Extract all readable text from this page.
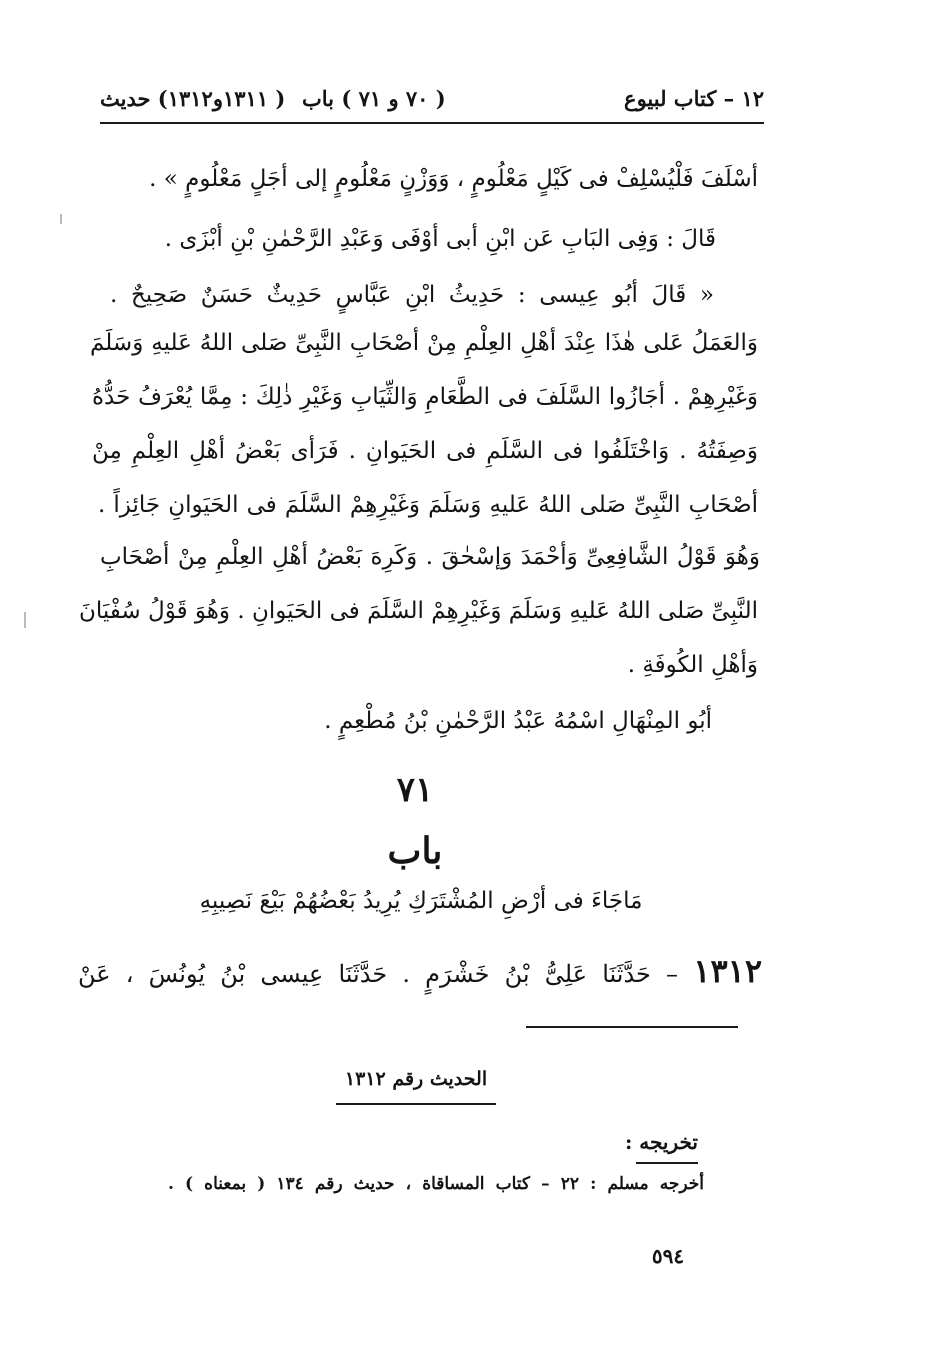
١٢ – كتاب لبيوع
( ٧٠ و ٧١ ) باب
( ١٣١١و١٣١٢) حديث
أسْلَفَ فَلْيُسْلِفْ فى كَيْلٍ مَعْلُومٍ ، وَوَزْنٍ مَعْلُومٍ إلى أجَلٍ مَعْلُومٍ » .
قَالَ : وَفِى البَابِ عَن ابْنِ أبى أوْفَى وَعَبْدِ الرَّحْمٰنِ بْنِ أبْزَى .
« قَالَ أبُو عِيسى : حَدِيثُ ابْنِ عَبَّاسٍ حَدِيثٌ حَسَنٌ صَحِيحٌ .
وَالعَمَلُ عَلى هٰذَا عِنْدَ أهْلِ العِلْمِ مِنْ أصْحَابِ النَّبِىِّ صَلى اللهُ عَليهِ وَسَلَمَ
وَغَيْرِهِمْ . أجَازُوا السَّلَفَ فى الطَّعَامِ وَالثِّيَابِ وَغَيْرِ ذٰلِكَ : مِمَّا يُعْرَفُ حَدُّهُ
وَصِفَتُهُ . وَاخْتَلَفُوا فى السَّلَمِ فى الحَيَوانِ . فَرَأى بَعْضُ أهْلِ العِلْمِ مِنْ
أصْحَابِ النَّبِىِّ صَلى اللهُ عَليهِ وَسَلَمَ وَغَيْرِهِمْ السَّلَمَ فى الحَيَوانِ جَائِزاً .
وَهُوَ قَوْلُ الشَّافِعِىِّ وَأحْمَدَ وَإسْحٰقَ . وَكَرِهَ بَعْضُ أهْلِ العِلْمِ مِنْ أصْحَابِ
النَّبِىِّ صَلى اللهُ عَليهِ وَسَلَمَ وَغَيْرِهِمْ السَّلَمَ فى الحَيَوانِ . وَهُوَ قَوْلُ سُفْيَانَ
وَأهْلِ الكُوفَةِ .
أبُو المِنْهَالِ اسْمُهُ عَبْدُ الرَّحْمٰنِ بْنُ مُطْعِمٍ .
٧١
باب
مَاجَاءَ فى أرْضِ المُشْتَرَكِ يُرِيدُ بَعْضُهُمْ بَيْعَ نَصِيبِهِ
١٣١٢ – حَدَّثَنَا عَلِىُّ بْنُ خَشْرَمٍ . حَدَّثَنَا عِيسى بْنُ يُونُسَ ، عَنْ
الحديث رقم ١٣١٢
تخريجه :
أخرجه مسلم : ٢٢ – كتاب المساقاة ، حديث رقم ١٣٤ ( بمعناه ) .
٥٩٤
